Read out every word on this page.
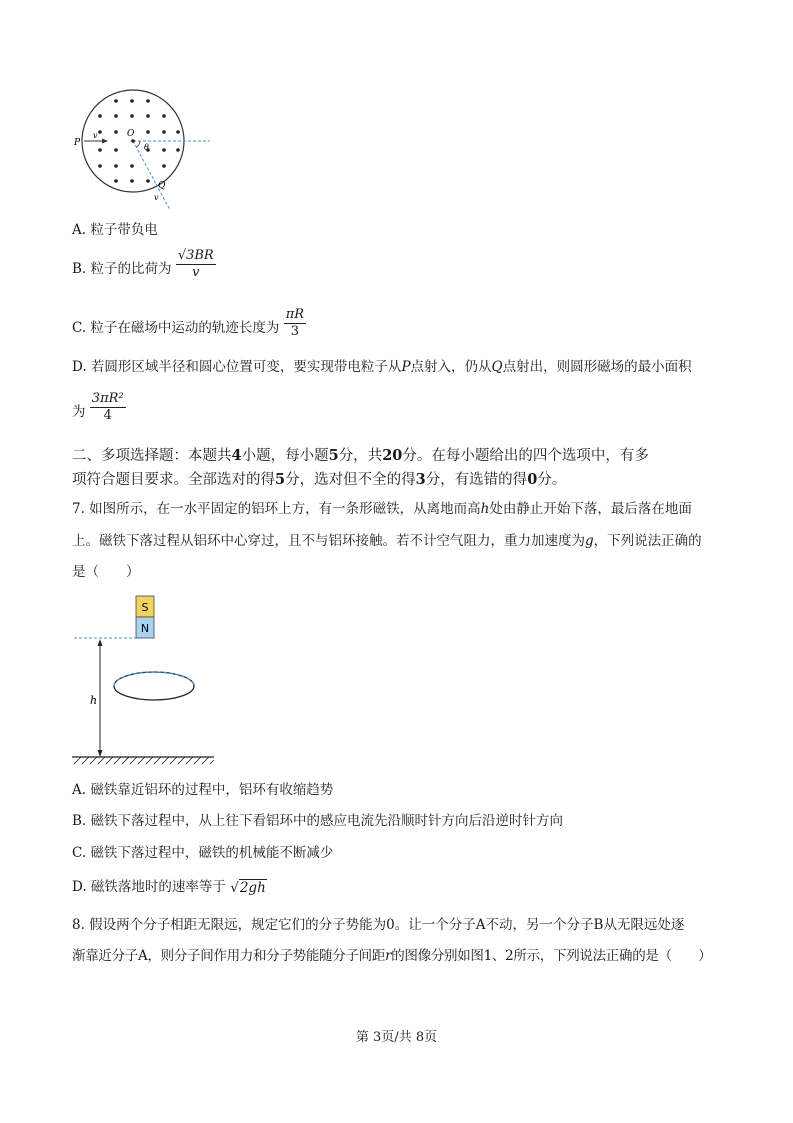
P
v	O
θ
Q
v
A. 粒子带负电
B. 粒子的比荷为 $\frac{√3BR}{v}$
C. 粒子在磁场中运动的轨迹长度为 $\frac{\pi R}{3}$
D. 若圆形区域半径和圆心位置可变，要实现带电粒子从P点射入，仍从Q点射出，则圆形磁场的最小面积
为 $\frac{\text{3πR²}}{4}$
二、多项选择题：本题共4小题，每小题5分，共20分。在每小题给出的四个选项中，有多
项符合题目要求。全部选对的得5分，选对但不全的得3分，有选错的得0分。
7. 如图所示，在一水平固定的铝环上方，有一条形磁铁，从离地而高h处由静止开始下落，最后落在地面
上。磁铁下落过程从铝环中心穿过，且不与铝环接触。若不计空气阻力，重力加速度为g，下列说法正确的
是（　　）
S
N
h
A. 磁铁靠近铝环的过程中，铝环有收缩趋势
B. 磁铁下落过程中，从上往下看铝环中的感应电流先沿顺时针方向后沿逆时针方向
C. 磁铁下落过程中，磁铁的机械能不断减少
D. 磁铁落地时的速率等于 √2gh
8. 假设两个分子相距无限远，规定它们的分子势能为0。让一个分子A不动，另一个分子B从无限远处逐
渐靠近分子A，则分子间作用力和分子势能随分子间距r的图像分别如图1、2所示，下列说法正确的是（　　）
第 3页/共 8页
